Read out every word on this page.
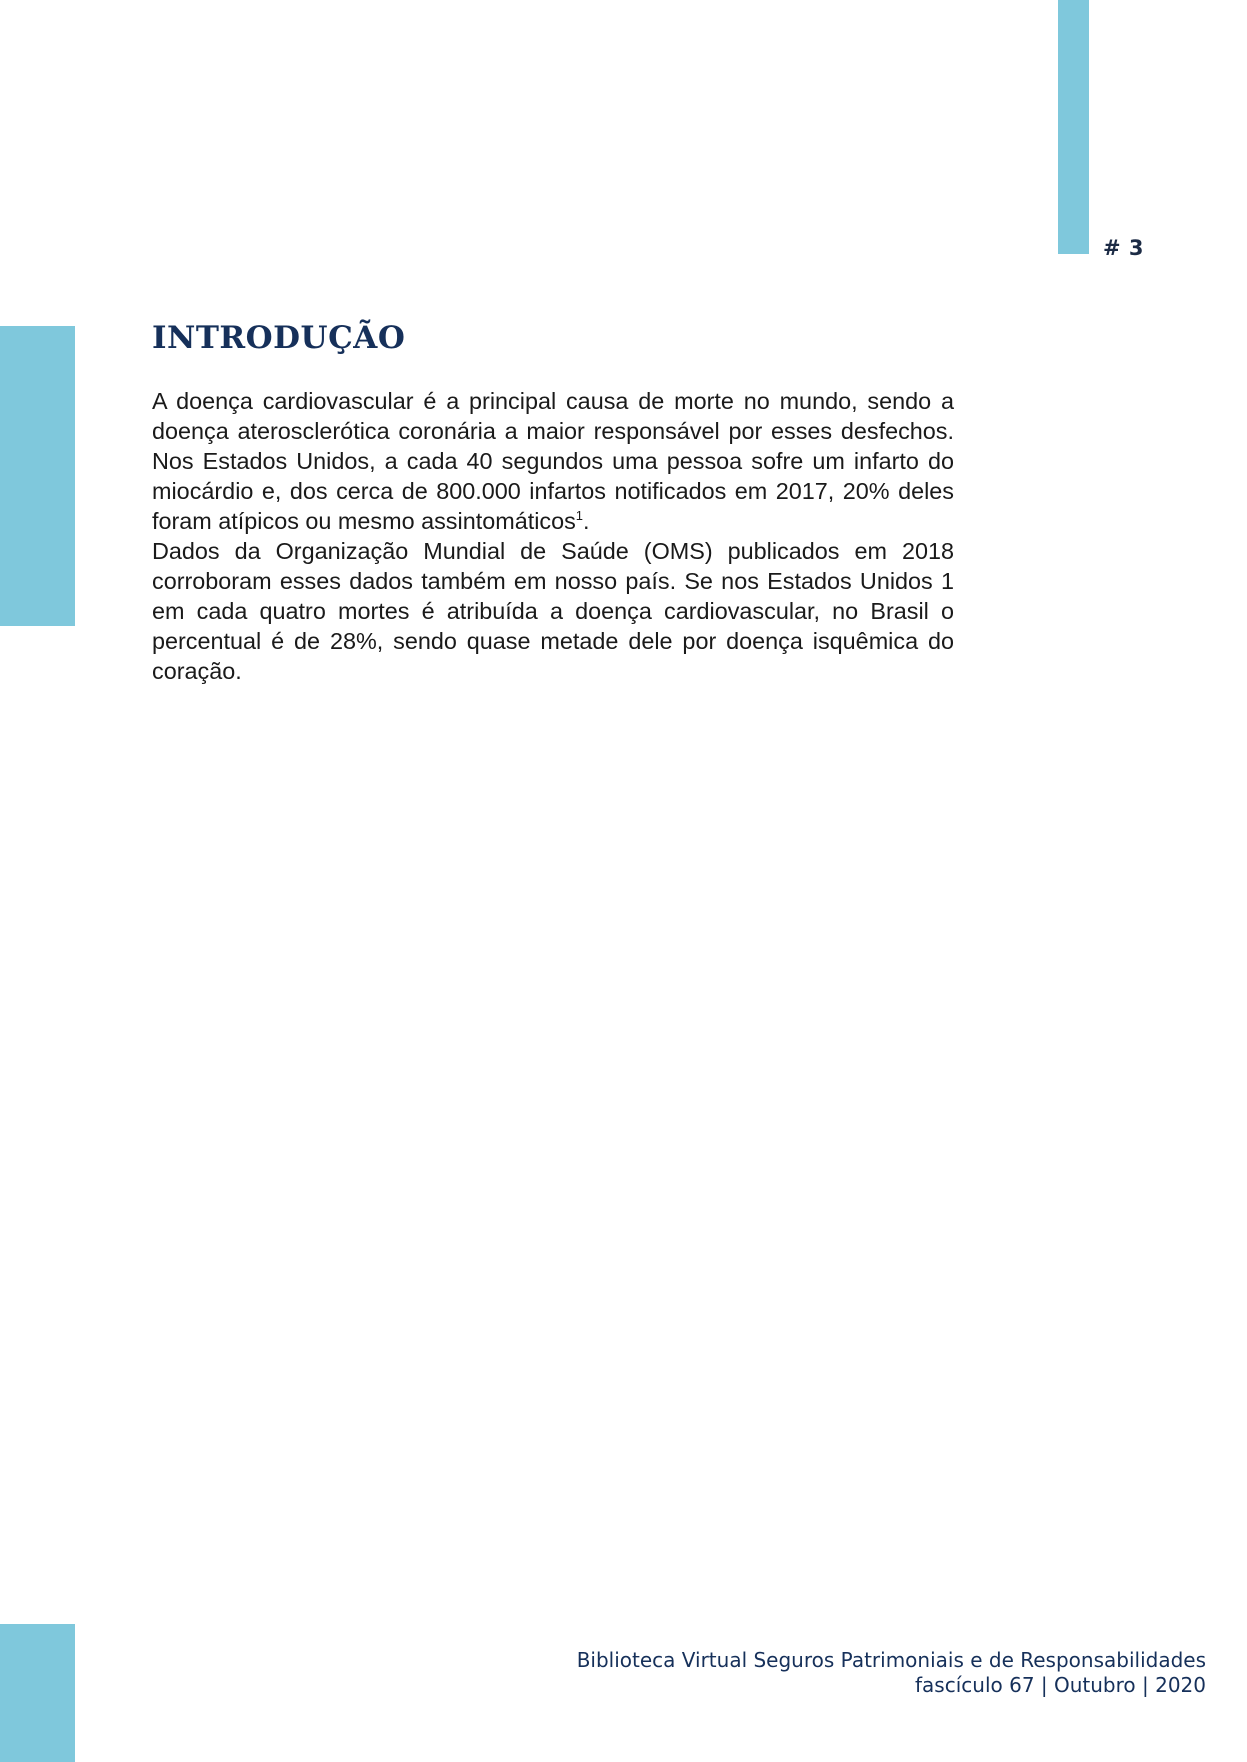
# 3
INTRODUÇÃO

A doença cardiovascular é a principal causa de morte no mundo, sendo a doença aterosclerótica coronária a maior responsável por esses desfechos. Nos Estados Unidos, a cada 40 segundos uma pessoa sofre um infarto do miocárdio e, dos cerca de 800.000 infartos notificados em 2017, 20% deles foram atípicos ou mesmo assintomáticos$^1$.

Dados da Organização Mundial de Saúde (OMS) publicados em 2018 corroboram esses dados também em nosso país. Se nos Estados Unidos 1 em cada quatro mortes é atribuída a doença cardiovascular, no Brasil o percentual é de 28%, sendo quase metade dele por doença isquêmica do coração.

Biblioteca Virtual Seguros Patrimoniais e de Responsabilidades
fascículo 67 | Outubro | 2020
